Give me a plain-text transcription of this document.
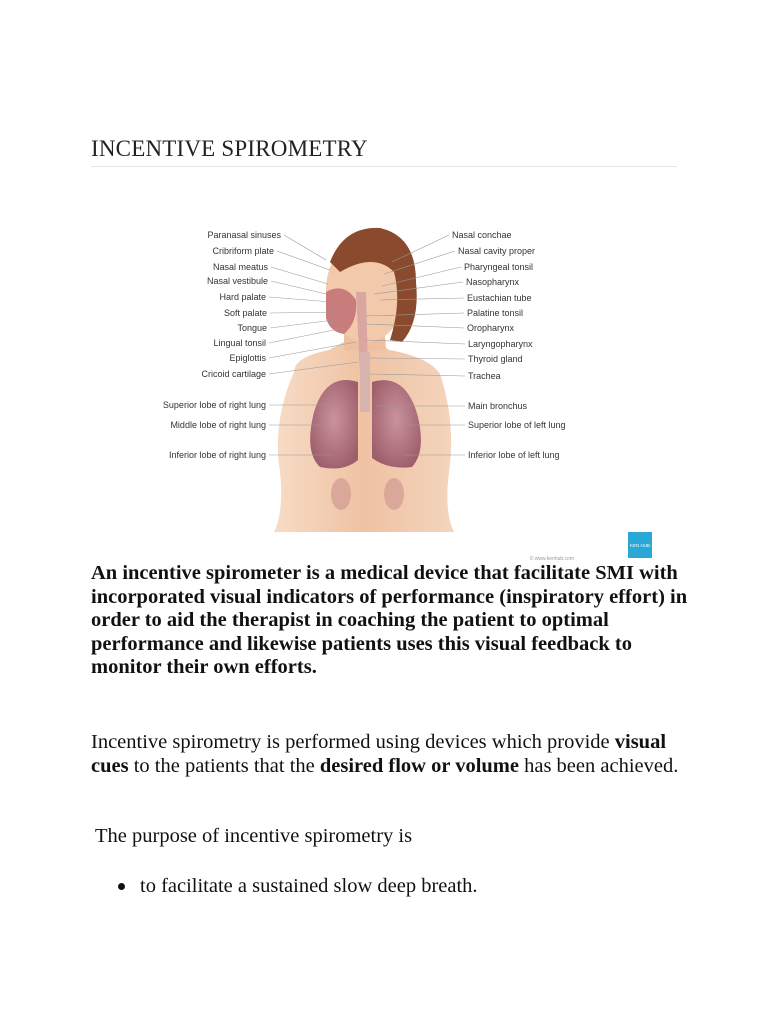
INCENTIVE SPIROMETRY
Paranasal sinuses
Cribriform plate
Nasal meatus
Nasal vestibule
Hard palate
Soft palate
Tongue
Lingual tonsil
Epiglottis
Cricoid cartilage
Superior lobe of right lung
Middle lobe of right lung
Inferior lobe of right lung
Nasal conchae
Nasal cavity proper
Pharyngeal tonsil
Nasopharynx
Eustachian tube
Palatine tonsil
Oropharynx
Laryngopharynx
Thyroid gland
Trachea
Main bronchus
Superior lobe of left lung
Inferior lobe of left lung
© www.kenhub.com
KEN HUB

An incentive spirometer is a medical device that facilitate SMI with incorporated visual indicators of performance (inspiratory effort) in order to aid the therapist in coaching the patient to optimal performance and likewise patients uses this visual feedback to monitor their own efforts.

Incentive spirometry is performed using devices which provide visual cues to the patients that the desired flow or volume has been achieved.

The purpose of incentive spirometry is

to facilitate a sustained slow deep breath.
